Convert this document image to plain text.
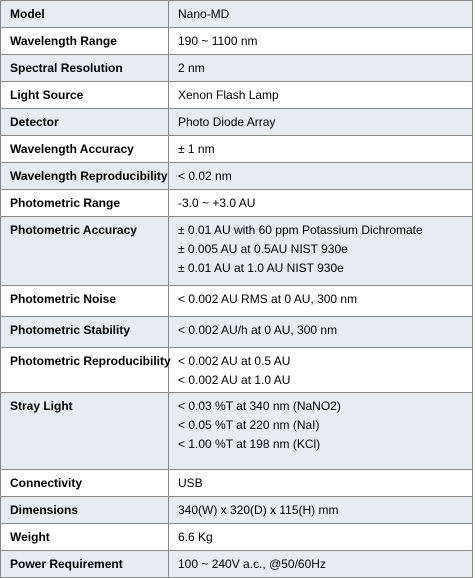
Model	Nano-MD

Wavelength Range	190 ~ 1100 nm

Spectral Resolution	2 nm

Light Source	Xenon Flash Lamp

Detector	Photo Diode Array

Wavelength Accuracy	± 1 nm

Wavelength Reproducibility	< 0.02 nm

Photometric Range	-3.0 ~ +3.0 AU

Photometric Accuracy	± 0.01 AU with 60 ppm Potassium Dichromate
± 0.005 AU at 0.5AU NIST 930e
± 0.01 AU at 1.0 AU NIST 930e

Photometric Noise	< 0.002 AU RMS at 0 AU, 300 nm

Photometric Stability	< 0.002 AU/h at 0 AU, 300 nm

Photometric Reproducibility	< 0.002 AU at 0.5 AU
< 0.002 AU at 1.0 AU

Stray Light	< 0.03 %T at 340 nm (NaNO2)
< 0.05 %T at 220 nm (NaI)
< 1.00 %T at 198 nm (KCl)

Connectivity	USB

Dimensions	340(W) x 320(D) x 115(H) mm

Weight	6.6 Kg

Power Requirement	100 ~ 240V a.c., @50/60Hz
